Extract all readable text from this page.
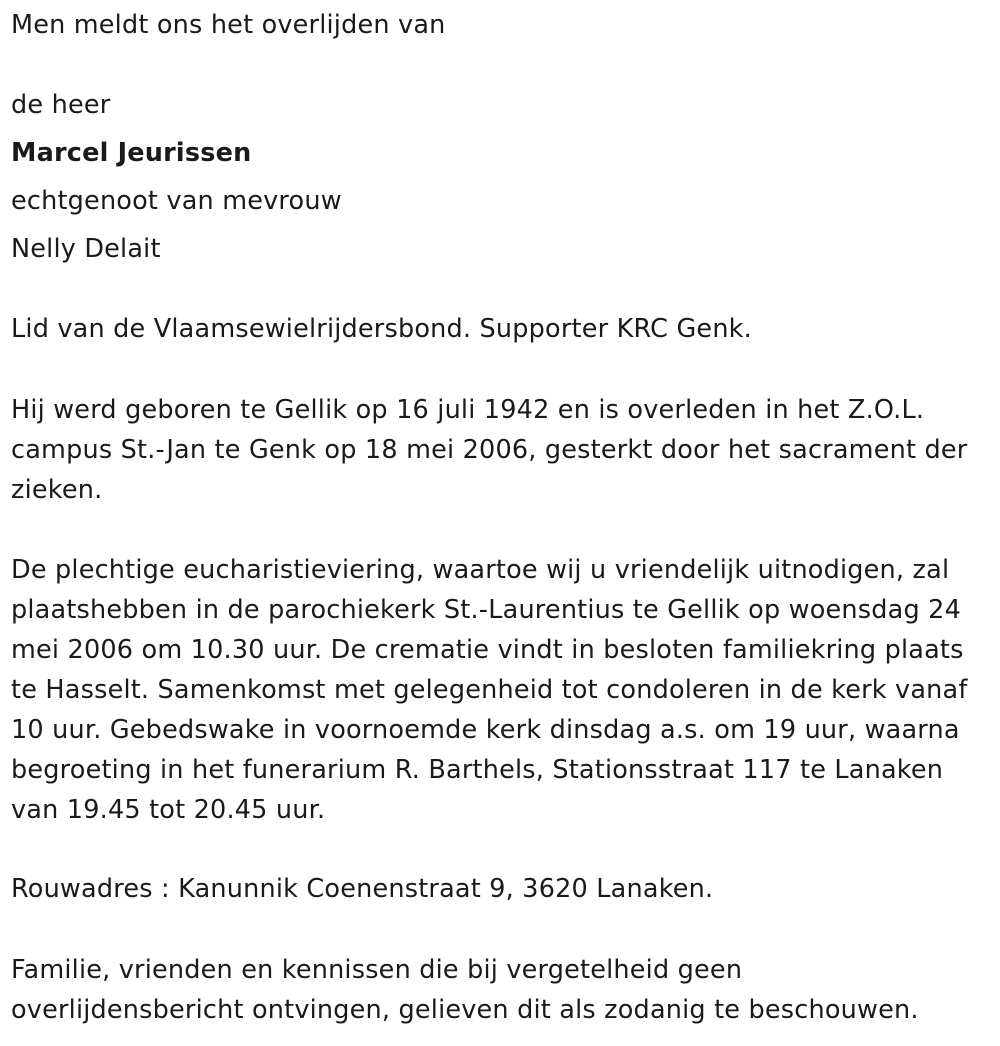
Men meldt ons het overlijden van
de heer
Marcel Jeurissen
echtgenoot van mevrouw
Nelly Delait
Lid van de Vlaamsewielrijdersbond. Supporter KRC Genk.
Hij werd geboren te Gellik op 16 juli 1942 en is overleden in het Z.O.L. campus St.-Jan te Genk op 18 mei 2006, gesterkt door het sacrament der zieken.
De plechtige eucharistieviering, waartoe wij u vriendelijk uitnodigen, zal plaatshebben in de parochiekerk St.-Laurentius te Gellik op woensdag 24 mei 2006 om 10.30 uur. De crematie vindt in besloten familiekring plaats te Hasselt. Samenkomst met gelegenheid tot condoleren in de kerk vanaf 10 uur. Gebedswake in voornoemde kerk dinsdag a.s. om 19 uur, waarna begroeting in het funerarium R. Barthels, Stationsstraat 117 te Lanaken van 19.45 tot 20.45 uur.
Rouwadres : Kanunnik Coenenstraat 9, 3620 Lanaken.
Familie, vrienden en kennissen die bij vergetelheid geen overlijdensbericht ontvingen, gelieven dit als zodanig te beschouwen.
